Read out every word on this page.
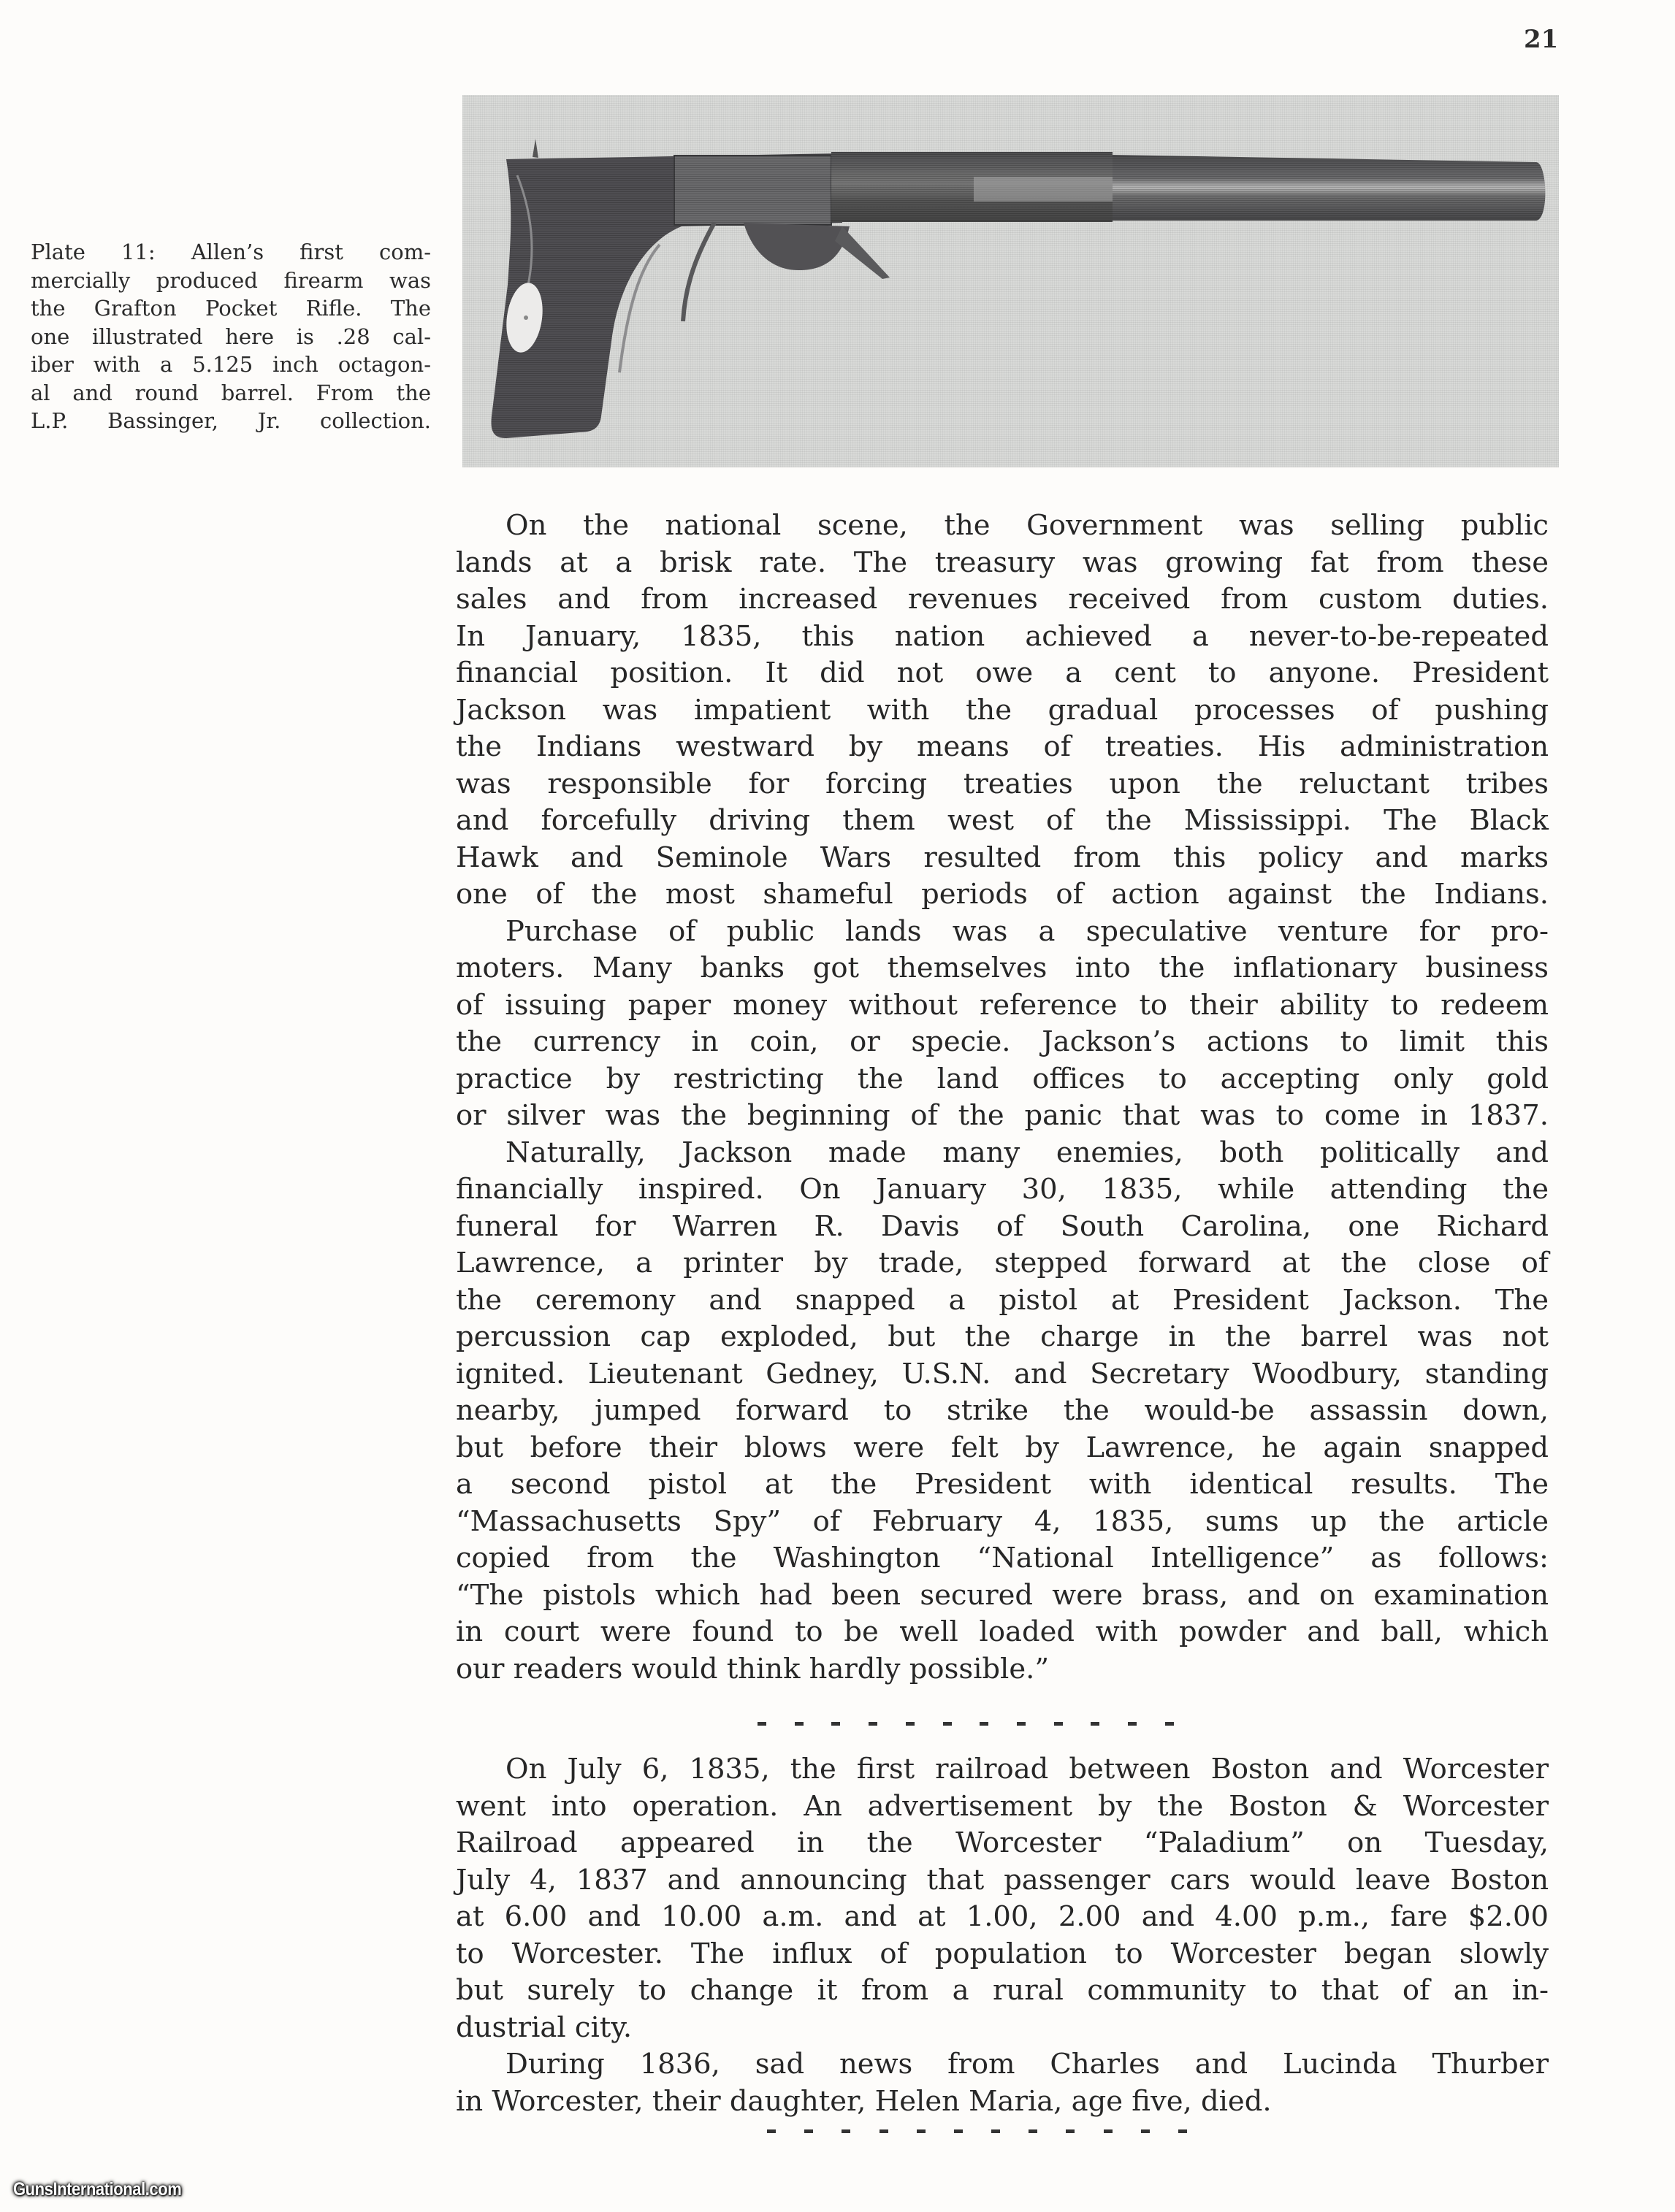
21
Plate 11: Allen’s first com-
mercially produced firearm was
the Grafton Pocket Rifle. The
one illustrated here is .28 cal-
iber with a 5.125 inch octagon-
al and round barrel. From the
L.P. Bassinger, Jr. collection.
On the national scene, the Government was selling public
lands at a brisk rate. The treasury was growing fat from these
sales and from increased revenues received from custom duties.
In January, 1835, this nation achieved a never-to-be-repeated
financial position. It did not owe a cent to anyone. President
Jackson was impatient with the gradual processes of pushing
the Indians westward by means of treaties. His administration
was responsible for forcing treaties upon the reluctant tribes
and forcefully driving them west of the Mississippi. The Black
Hawk and Seminole Wars resulted from this policy and marks
one of the most shameful periods of action against the Indians.
Purchase of public lands was a speculative venture for pro-
moters. Many banks got themselves into the inflationary business
of issuing paper money without reference to their ability to redeem
the currency in coin, or specie. Jackson’s actions to limit this
practice by restricting the land offices to accepting only gold
or silver was the beginning of the panic that was to come in 1837.
Naturally, Jackson made many enemies, both politically and
financially inspired. On January 30, 1835, while attending the
funeral for Warren R. Davis of South Carolina, one Richard
Lawrence, a printer by trade, stepped forward at the close of
the ceremony and snapped a pistol at President Jackson. The
percussion cap exploded, but the charge in the barrel was not
ignited. Lieutenant Gedney, U.S.N. and Secretary Woodbury, standing
nearby, jumped forward to strike the would-be assassin down,
but before their blows were felt by Lawrence, he again snapped
a second pistol at the President with identical results. The
“Massachusetts Spy” of February 4, 1835, sums up the article
copied from the Washington “National Intelligence” as follows:
“The pistols which had been secured were brass, and on examination
in court were found to be well loaded with powder and ball, which
our readers would think hardly possible.”
On July 6, 1835, the first railroad between Boston and Worcester
went into operation. An advertisement by the Boston & Worcester
Railroad appeared in the Worcester “Paladium” on Tuesday,
July 4, 1837 and announcing that passenger cars would leave Boston
at 6.00 and 10.00 a.m. and at 1.00, 2.00 and 4.00 p.m., fare $2.00
to Worcester. The influx of population to Worcester began slowly
but surely to change it from a rural community to that of an in-
dustrial city.
During 1836, sad news from Charles and Lucinda Thurber
in Worcester, their daughter, Helen Maria, age five, died.
GunsInternational.com
